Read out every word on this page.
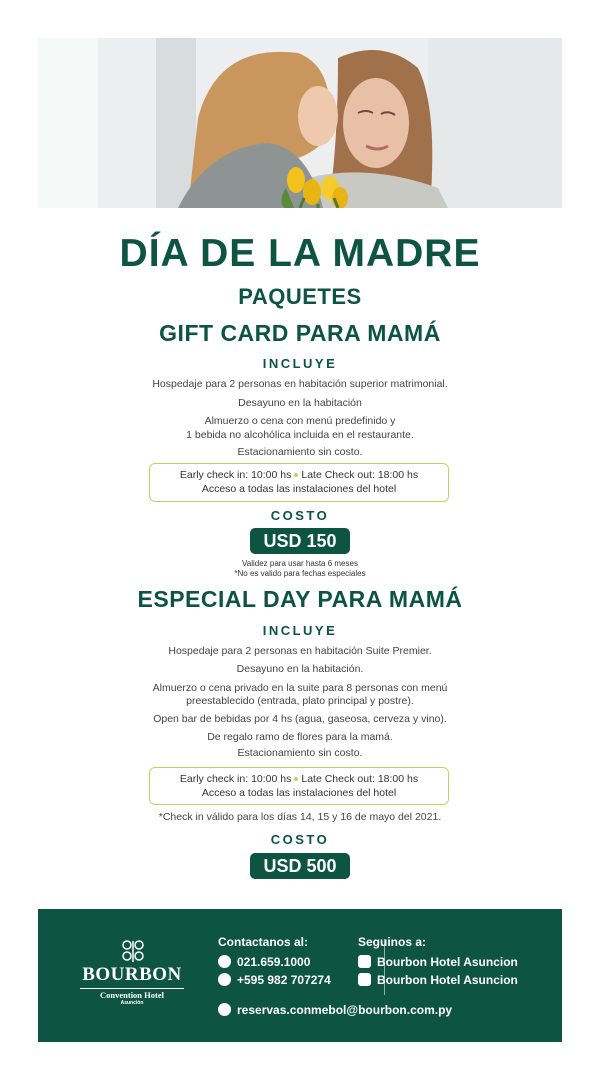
DÍA DE LA MADRE
PAQUETES
GIFT CARD PARA MAMÁ
INCLUYE
Hospedaje para 2 personas en habitación superior matrimonial.
Desayuno en la habitación
Almuerzo o cena con menú predefinido y
1 bebida no alcohólica incluida en el restaurante.
Estacionamiento sin costo.
Early check in: 10:00 hs Late Check out: 18:00 hs
Acceso a todas las instalaciones del hotel
COSTO
USD 150
Validez para usar hasta 6 meses
*No es valido para fechas especiales
ESPECIAL DAY PARA MAMÁ
INCLUYE
Hospedaje para 2 personas en habitación Suite Premier.
Desayuno en la habitación.
Almuerzo o cena privado en la suite para 8 personas con menú
preestablecido (entrada, plato principal y postre).
Open bar de bebidas por 4 hs (agua, gaseosa, cerveza y vino).
De regalo ramo de flores para la mamá.
Estacionamiento sin costo.
Early check in: 10:00 hs Late Check out: 18:00 hs
Acceso a todas las instalaciones del hotel
*Check in válido para los días 14, 15 y 16 de mayo del 2021.
COSTO
USD 500
BOURBON
Convention Hotel
Asunción
Contactanos al:
021.659.1000
+595 982 707274
Seguinos a:
Bourbon Hotel Asuncion
Bourbon Hotel Asuncion
reservas.conmebol@bourbon.com.py
